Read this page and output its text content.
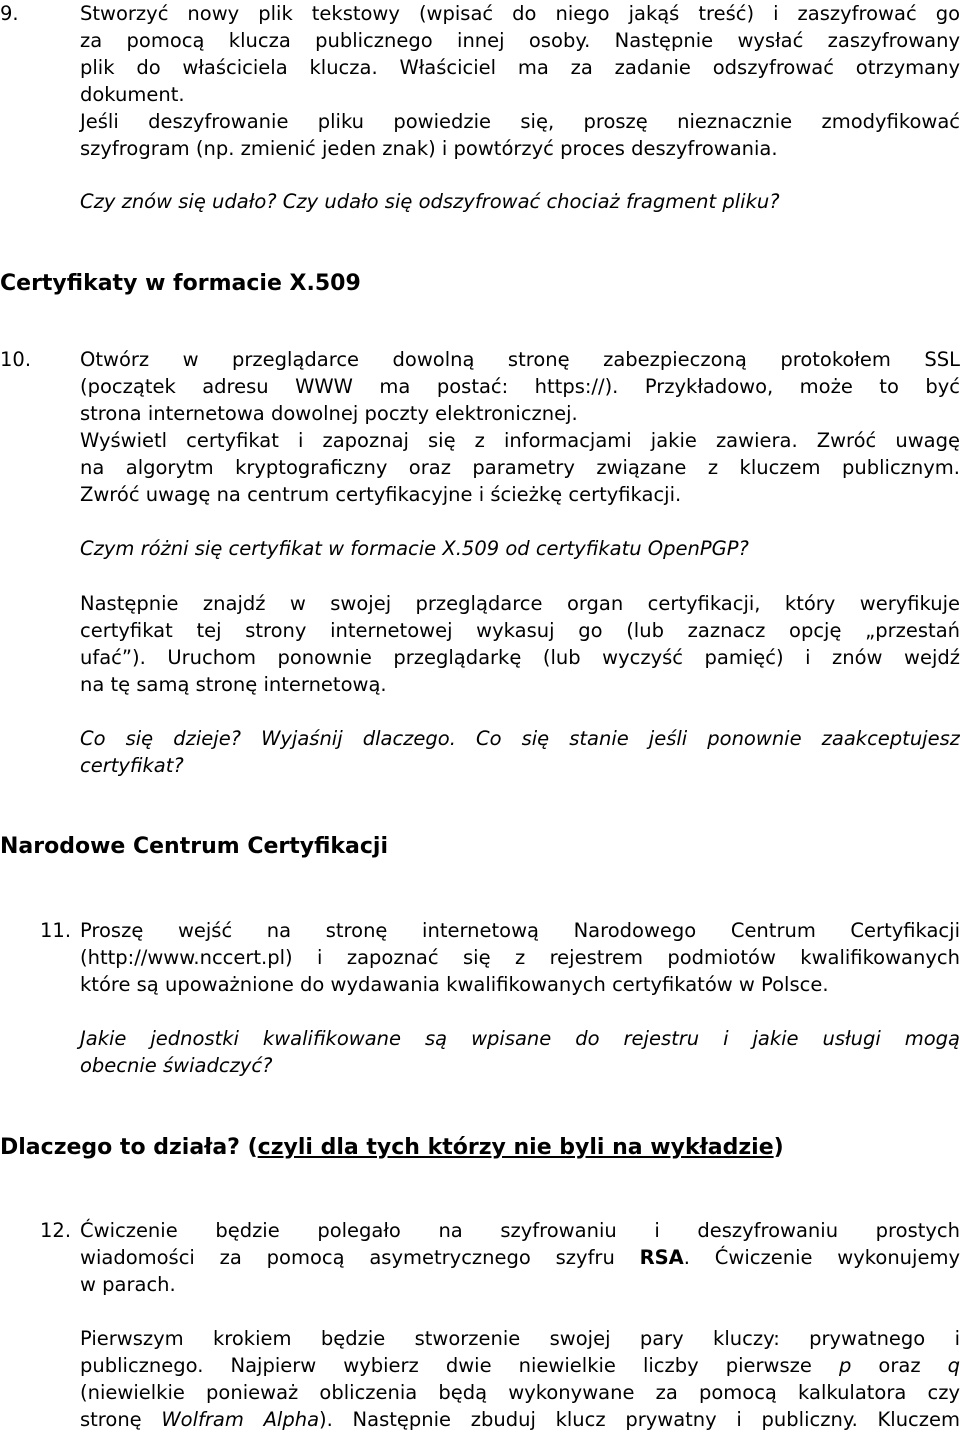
9.	Stworzyć nowy plik tekstowy (wpisać do niego jakąś treść) i zaszyfrować go
za pomocą klucza publicznego innej osoby. Następnie wysłać zaszyfrowany
plik do właściciela klucza. Właściciel ma za zadanie odszyfrować otrzymany
dokument.
Jeśli deszyfrowanie pliku powiedzie się, proszę nieznacznie zmodyfikować
szyfrogram (np. zmienić jeden znak) i powtórzyć proces deszyfrowania.
Czy znów się udało? Czy udało się odszyfrować chociaż fragment pliku?
Certyfikaty w formacie X.509
10.	Otwórz w przeglądarce dowolną stronę zabezpieczoną protokołem SSL
(początek adresu WWW ma postać: https://). Przykładowo, może to być
strona internetowa dowolnej poczty elektronicznej.
Wyświetl certyfikat i zapoznaj się z informacjami jakie zawiera. Zwróć uwagę
na algorytm kryptograficzny oraz parametry związane z kluczem publicznym.
Zwróć uwagę na centrum certyfikacyjne i ścieżkę certyfikacji.
Czym różni się certyfikat w formacie X.509 od certyfikatu OpenPGP?
Następnie znajdź w swojej przeglądarce organ certyfikacji, który weryfikuje
certyfikat tej strony internetowej wykasuj go (lub zaznacz opcję „przestań
ufać”). Uruchom ponownie przeglądarkę (lub wyczyść pamięć) i znów wejdź
na tę samą stronę internetową.
Co się dzieje? Wyjaśnij dlaczego. Co się stanie jeśli ponownie zaakceptujesz
certyfikat?
Narodowe Centrum Certyfikacji
11. Proszę wejść na stronę internetową Narodowego Centrum Certyfikacji
(http://www.nccert.pl) i zapoznać się z rejestrem podmiotów kwalifikowanych
które są upoważnione do wydawania kwalifikowanych certyfikatów w Polsce.
Jakie jednostki kwalifikowane są wpisane do rejestru i jakie usługi mogą
obecnie świadczyć?
Dlaczego to działa? (czyli dla tych którzy nie byli na wykładzie)
12. Ćwiczenie będzie polegało na szyfrowaniu i deszyfrowaniu prostych
wiadomości za pomocą asymetrycznego szyfru RSA. Ćwiczenie wykonujemy
w parach.
Pierwszym krokiem będzie stworzenie swojej pary kluczy: prywatnego i
publicznego. Najpierw wybierz dwie niewielkie liczby pierwsze p oraz q
(niewielkie ponieważ obliczenia będą wykonywane za pomocą kalkulatora czy
stronę Wolfram Alpha). Następnie zbuduj klucz prywatny i publiczny. Kluczem
